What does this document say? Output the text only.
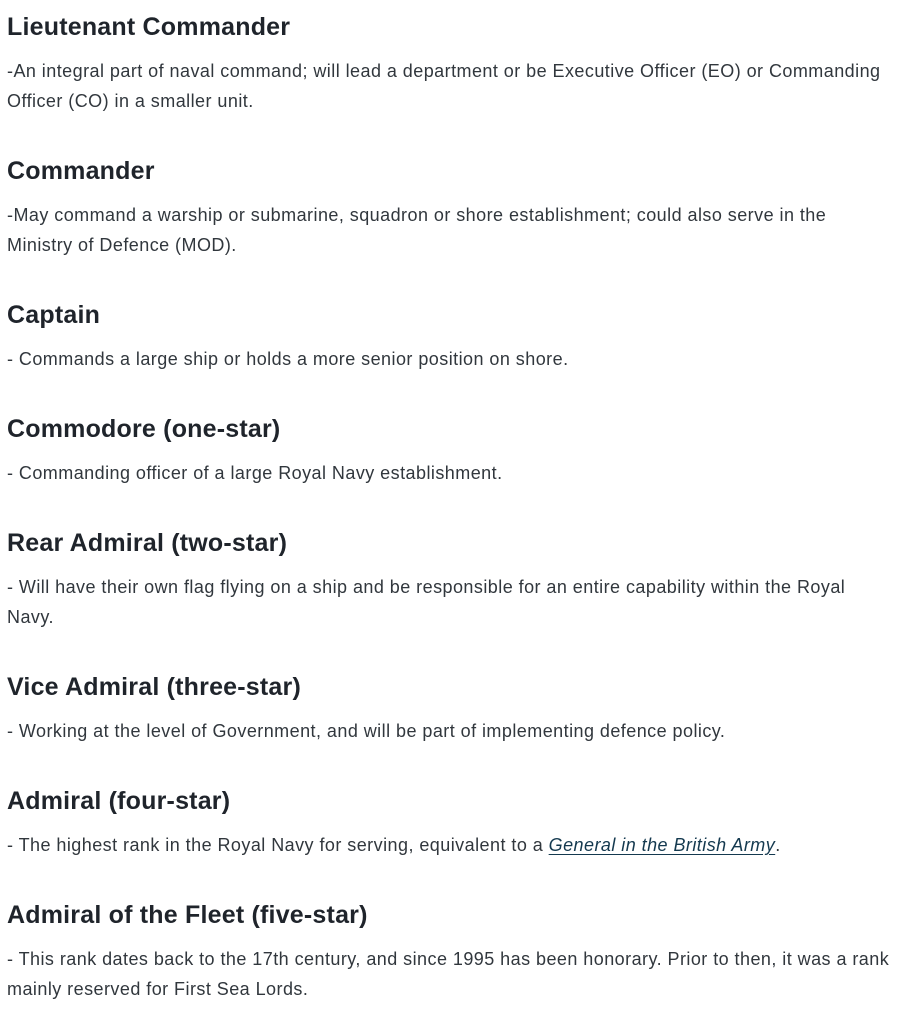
Lieutenant Commander

-An integral part of naval command; will lead a department or be Executive Officer (EO) or Commanding Officer (CO) in a smaller unit.

Commander

-May command a warship or submarine, squadron or shore establishment; could also serve in the Ministry of Defence (MOD).

Captain

- Commands a large ship or holds a more senior position on shore.

Commodore (one-star)

- Commanding officer of a large Royal Navy establishment.

Rear Admiral (two-star)

- Will have their own flag flying on a ship and be responsible for an entire capability within the Royal Navy.

Vice Admiral (three-star)

- Working at the level of Government, and will be part of implementing defence policy.

Admiral (four-star)

- The highest rank in the Royal Navy for serving, equivalent to a General in the British Army.

Admiral of the Fleet (five-star)

- This rank dates back to the 17th century, and since 1995 has been honorary. Prior to then, it was a rank mainly reserved for First Sea Lords.
